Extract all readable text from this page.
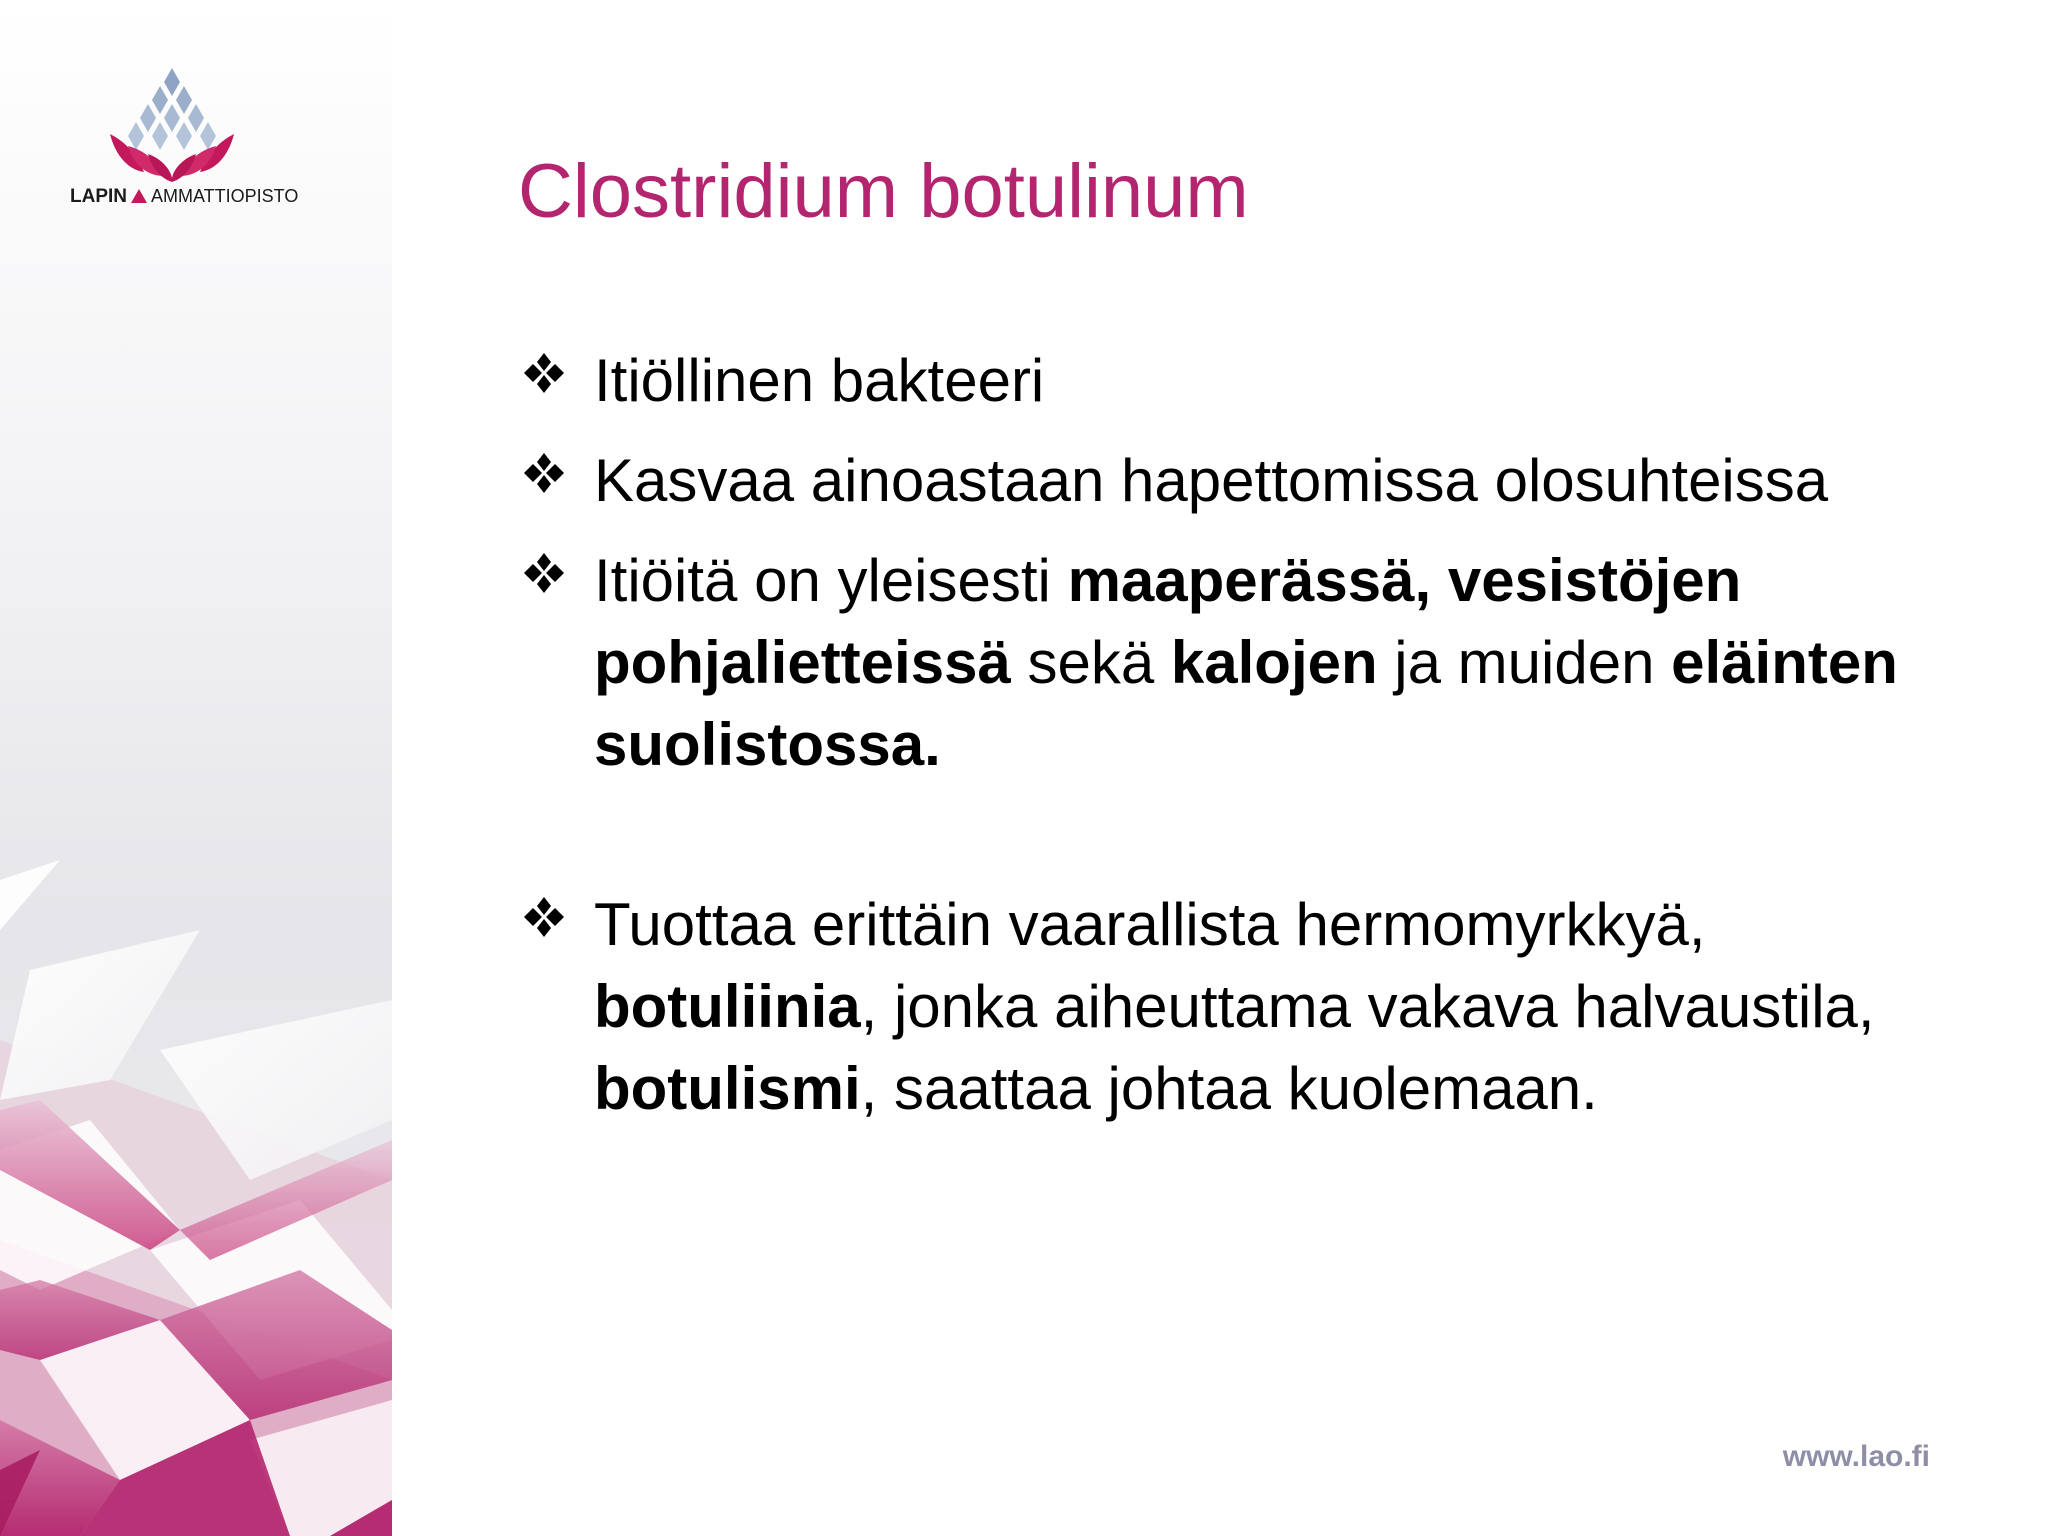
LAPIN AMMATTIOPISTO	Clostridium botulinum
Itiöllinen bakteeri
Kasvaa ainoastaan hapettomissa olosuhteissa
Itiöitä on yleisesti maaperässä, vesistöjen pohjalietteissä sekä kalojen ja muiden eläinten suolistossa.
Tuottaa erittäin vaarallista hermomyrkkyä, botuliinia, jonka aiheuttama vakava halvaustila, botulismi, saattaa johtaa kuolemaan.
www.lao.fi
